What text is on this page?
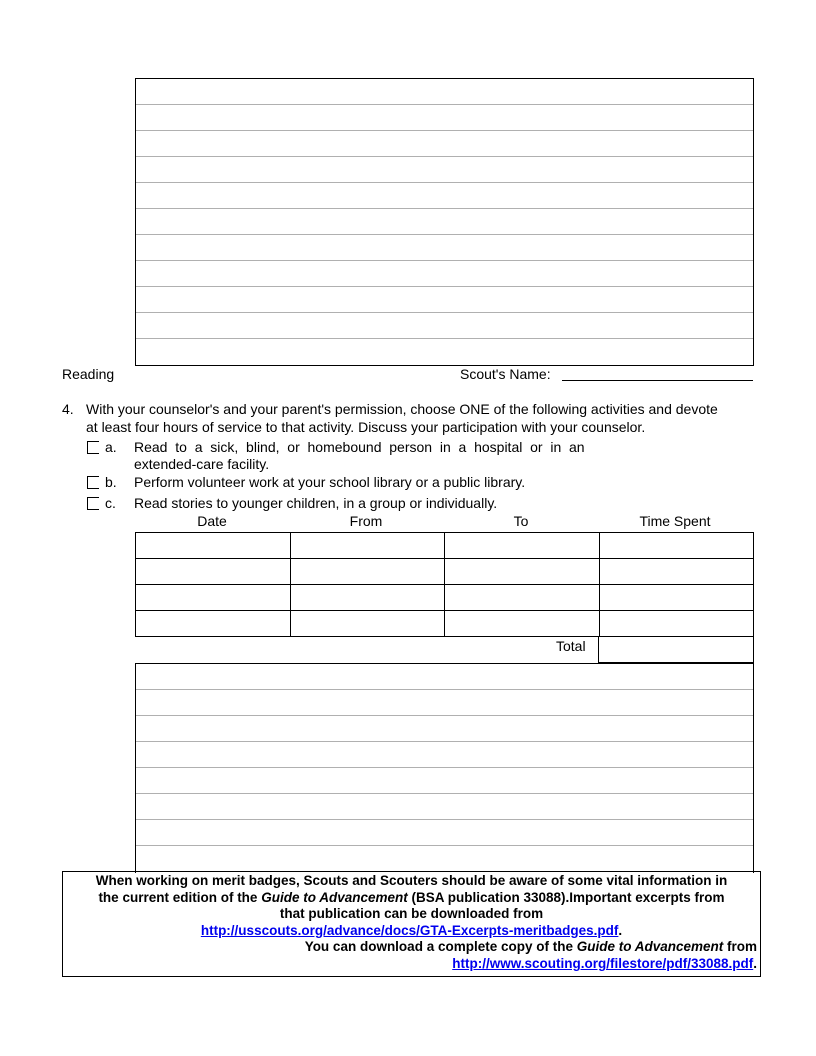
Reading	Scout's Name:
4. With your counselor's and your parent's permission, choose ONE of the following activities and devote
at least four hours of service to that activity. Discuss your participation with your counselor.
a. Read  to  a  sick,  blind,  or  homebound  person  in  a  hospital  or  in  an
extended-care facility.
b. Perform volunteer work at your school library or a public library.
c. Read stories to younger children, in a group or individually.
Date	From	To	Time Spent

Total
When working on merit badges, Scouts and Scouters should be aware of some vital information in
the current edition of the Guide to Advancement (BSA publication 33088).Important excerpts from
that publication can be downloaded from
http://usscouts.org/advance/docs/GTA-Excerpts-meritbadges.pdf.
You can download a complete copy of the Guide to Advancement from
http://www.scouting.org/filestore/pdf/33088.pdf.
